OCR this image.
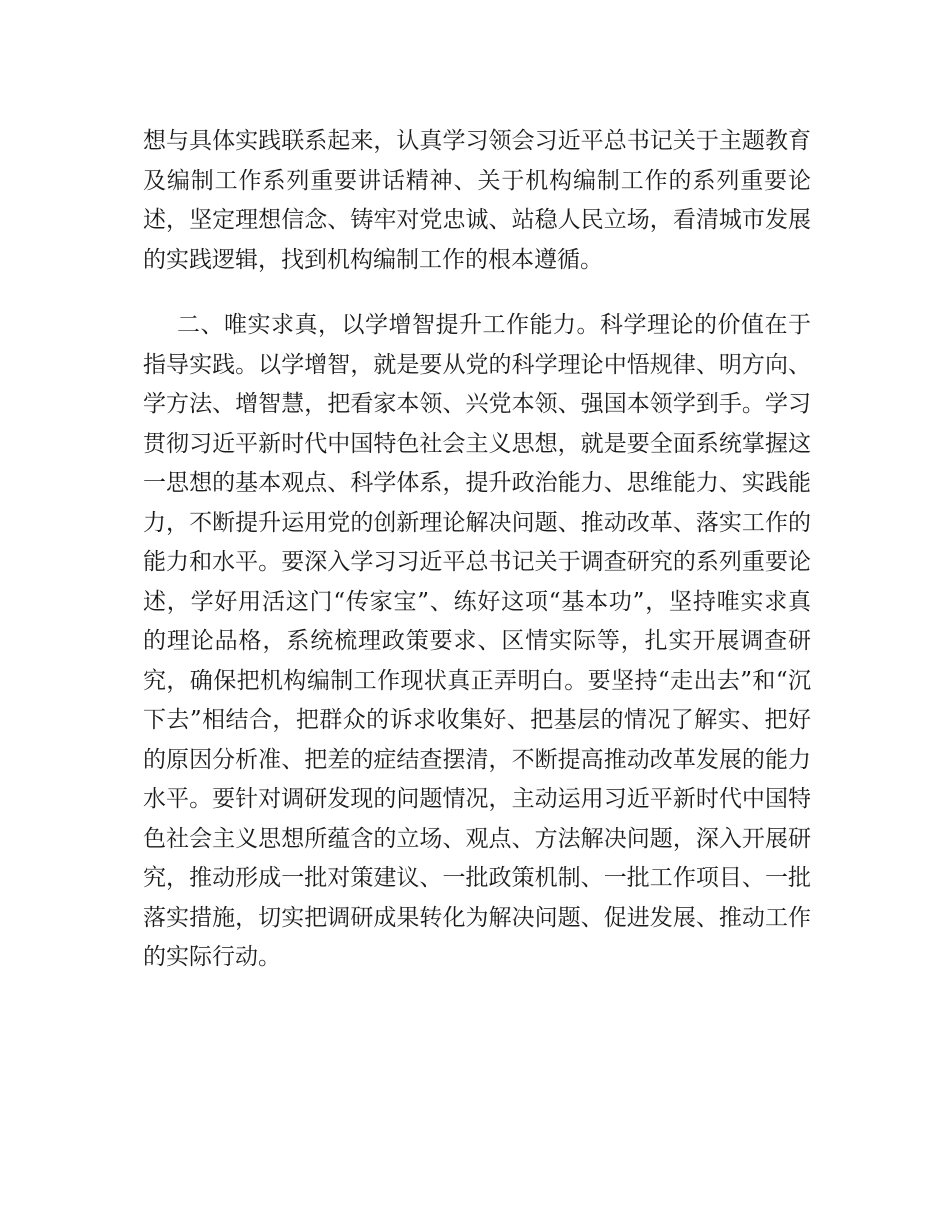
想与具体实践联系起来，认真学习领会习近平总书记关于主题教育及编制工作系列重要讲话精神、关于机构编制工作的系列重要论述，坚定理想信念、铸牢对党忠诚、站稳人民立场，看清城市发展的实践逻辑，找到机构编制工作的根本遵循。

二、唯实求真，以学增智提升工作能力。科学理论的价值在于指导实践。以学增智，就是要从党的科学理论中悟规律、明方向、学方法、增智慧，把看家本领、兴党本领、强国本领学到手。学习贯彻习近平新时代中国特色社会主义思想，就是要全面系统掌握这一思想的基本观点、科学体系，提升政治能力、思维能力、实践能力，不断提升运用党的创新理论解决问题、推动改革、落实工作的能力和水平。要深入学习习近平总书记关于调查研究的系列重要论述，学好用活这门“传家宝”、练好这项“基本功”，坚持唯实求真的理论品格，系统梳理政策要求、区情实际等，扎实开展调查研究，确保把机构编制工作现状真正弄明白。要坚持“走出去”和“沉下去”相结合，把群众的诉求收集好、把基层的情况了解实、把好的原因分析准、把差的症结查摆清，不断提高推动改革发展的能力水平。要针对调研发现的问题情况，主动运用习近平新时代中国特色社会主义思想所蕴含的立场、观点、方法解决问题，深入开展研究，推动形成一批对策建议、一批政策机制、一批工作项目、一批落实措施，切实把调研成果转化为解决问题、促进发展、推动工作的实际行动。
